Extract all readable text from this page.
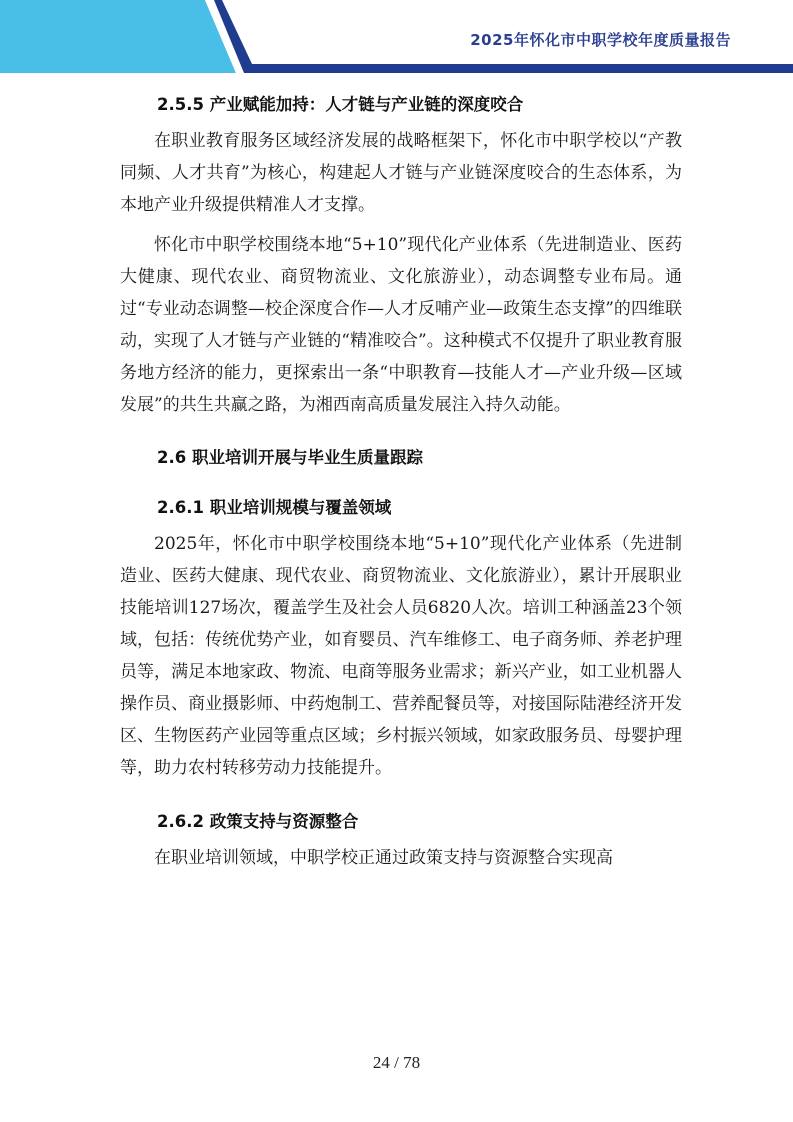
2025年怀化市中职学校年度质量报告
2.5.5 产业赋能加持：人才链与产业链的深度咬合

在职业教育服务区域经济发展的战略框架下，怀化市中职学校以“产教同频、人才共育”为核心，构建起人才链与产业链深度咬合的生态体系，为本地产业升级提供精准人才支撑。

怀化市中职学校围绕本地“5+10”现代化产业体系（先进制造业、医药大健康、现代农业、商贸物流业、文化旅游业），动态调整专业布局。通过“专业动态调整—校企深度合作—人才反哺产业—政策生态支撑”的四维联动，实现了人才链与产业链的“精准咬合”。这种模式不仅提升了职业教育服务地方经济的能力，更探索出一条“中职教育—技能人才—产业升级—区域发展”的共生共赢之路，为湘西南高质量发展注入持久动能。

2.6 职业培训开展与毕业生质量跟踪
2.6.1 职业培训规模与覆盖领域

2025年，怀化市中职学校围绕本地“5+10”现代化产业体系（先进制造业、医药大健康、现代农业、商贸物流业、文化旅游业），累计开展职业技能培训127场次，覆盖学生及社会人员6820人次。培训工种涵盖23个领域，包括：传统优势产业，如育婴员、汽车维修工、电子商务师、养老护理员等，满足本地家政、物流、电商等服务业需求；新兴产业，如工业机器人操作员、商业摄影师、中药炮制工、营养配餐员等，对接国际陆港经济开发区、生物医药产业园等重点区域；乡村振兴领域，如家政服务员、母婴护理等，助力农村转移劳动力技能提升。

2.6.2 政策支持与资源整合

在职业培训领域，中职学校正通过政策支持与资源整合实现高

24 / 78
